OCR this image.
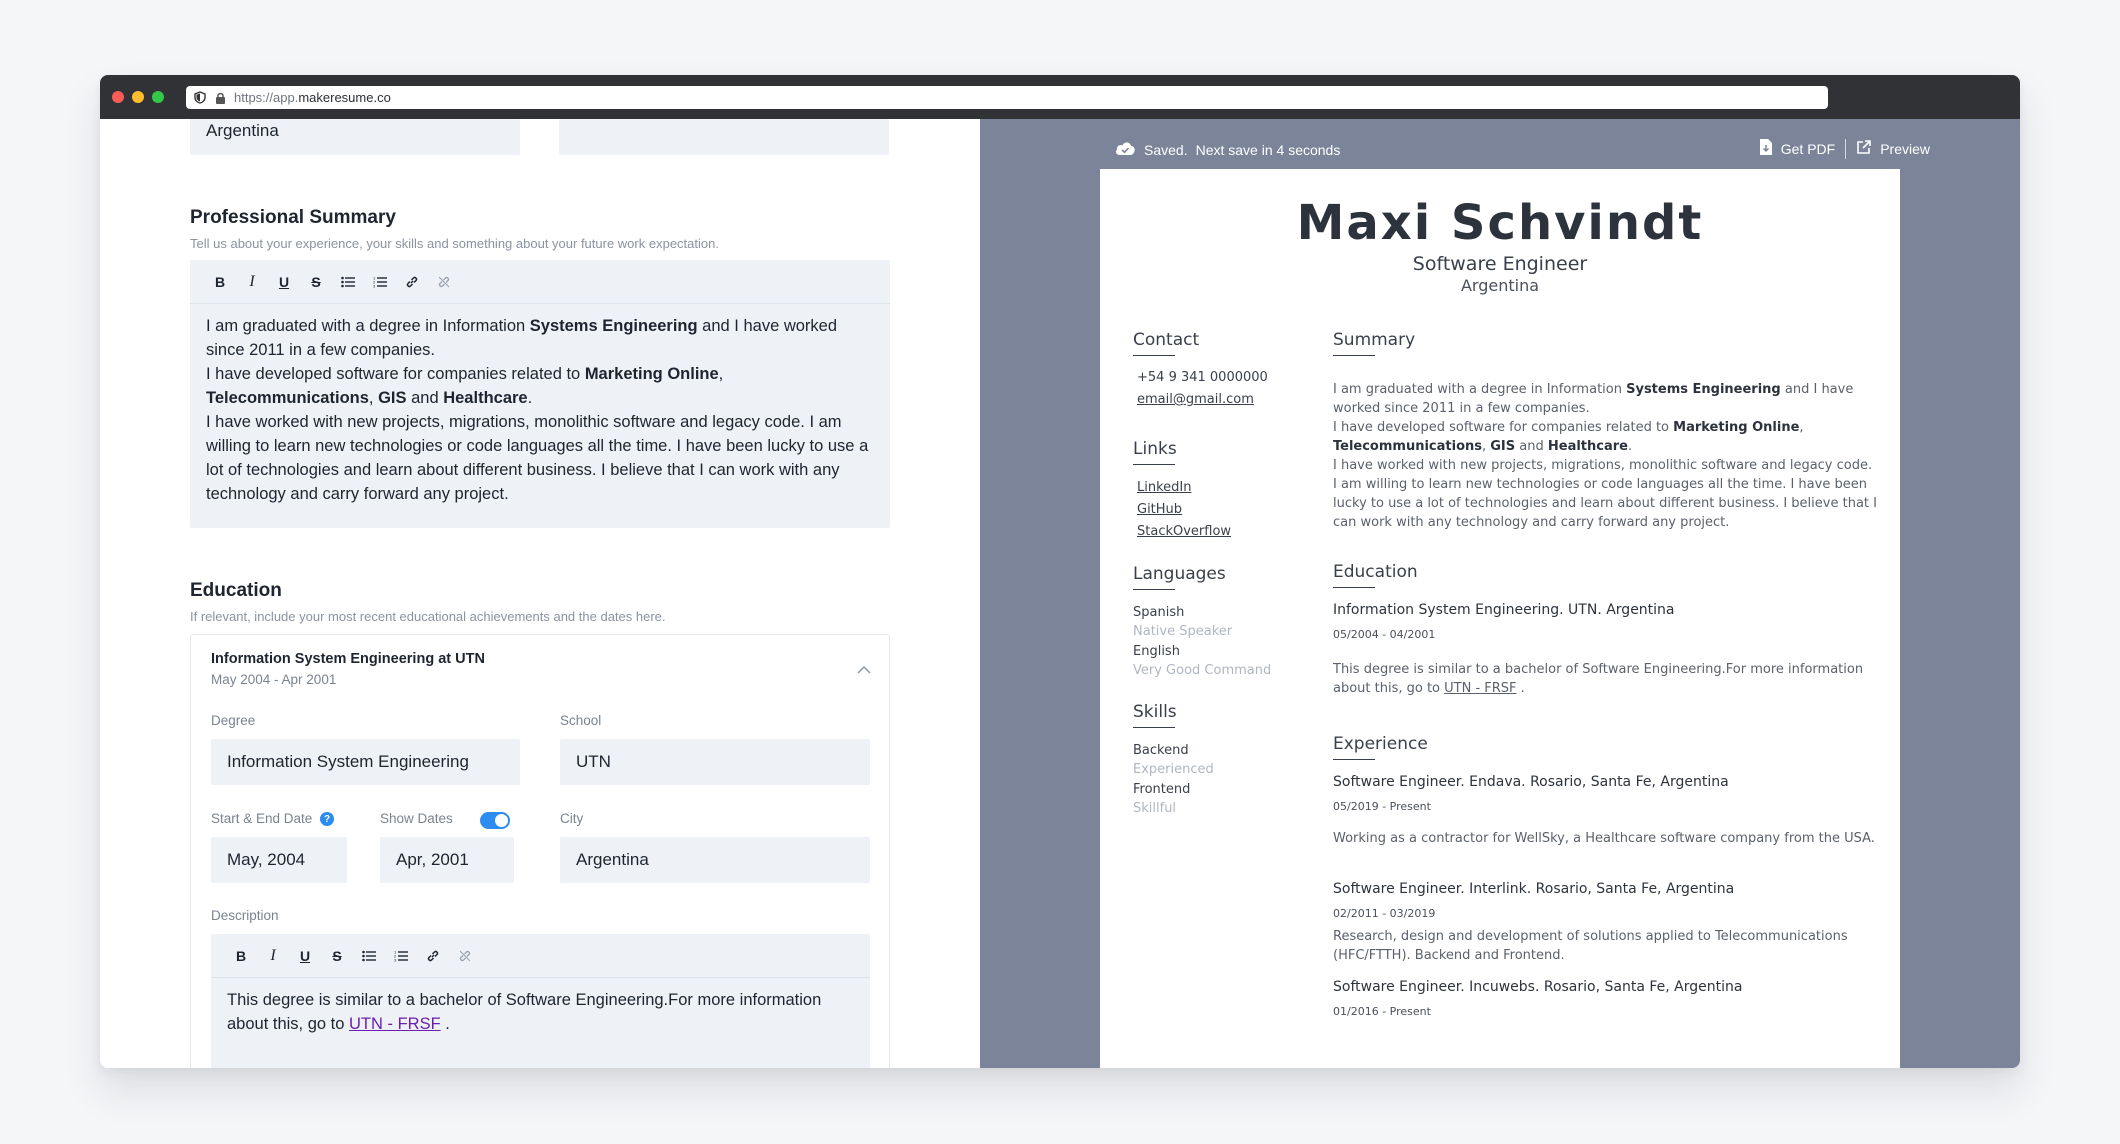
https://app.makeresume.co
Argentina
Professional Summary
Tell us about your experience, your skills and something about your future work expectation.
B I U S	1
2
3
I am graduated with a degree in Information Systems Engineering and I have worked since 2011 in a few companies.
I have developed software for companies related to Marketing Online, Telecommunications, GIS and Healthcare.
I have worked with new projects, migrations, monolithic software and legacy code. I am willing to learn new technologies or code languages all the time. I have been lucky to use a lot of technologies and learn about different business. I believe that I can work with any technology and carry forward any project.
Education
If relevant, include your most recent educational achievements and the dates here.
Information System Engineering at UTN
May 2004 - Apr 2001
Degree
Information System Engineering
School
UTN
Start & End Date	?	Show Dates	City
May, 2004	Apr, 2001	Argentina
Description
B I U S	1
2
3
This degree is similar to a bachelor of Software Engineering.For more information about this, go to UTN - FRSF .
Saved. Next save in 4 seconds	Get PDF	Preview
Maxi Schvindt
Software Engineer
Argentina
Contact
+54 9 341 0000000
email@gmail.com
Links
LinkedIn
GitHub
StackOverflow
Languages
Spanish
Native Speaker
English
Very Good Command
Skills
Backend
Experienced
Frontend
Skillful
Summary
I am graduated with a degree in Information Systems Engineering and I have worked since 2011 in a few companies.
I have developed software for companies related to Marketing Online, Telecommunications, GIS and Healthcare.
I have worked with new projects, migrations, monolithic software and legacy code. I am willing to learn new technologies or code languages all the time. I have been lucky to use a lot of technologies and learn about different business. I believe that I can work with any technology and carry forward any project.
Education
Information System Engineering. UTN. Argentina
05/2004 - 04/2001
This degree is similar to a bachelor of Software Engineering.For more information about this, go to UTN - FRSF .
Experience
Software Engineer. Endava. Rosario, Santa Fe, Argentina
05/2019 - Present
Working as a contractor for WellSky, a Healthcare software company from the USA.
Software Engineer. Interlink. Rosario, Santa Fe, Argentina
02/2011 - 03/2019
Research, design and development of solutions applied to Telecommunications (HFC/FTTH). Backend and Frontend.
Software Engineer. Incuwebs. Rosario, Santa Fe, Argentina
01/2016 - Present
